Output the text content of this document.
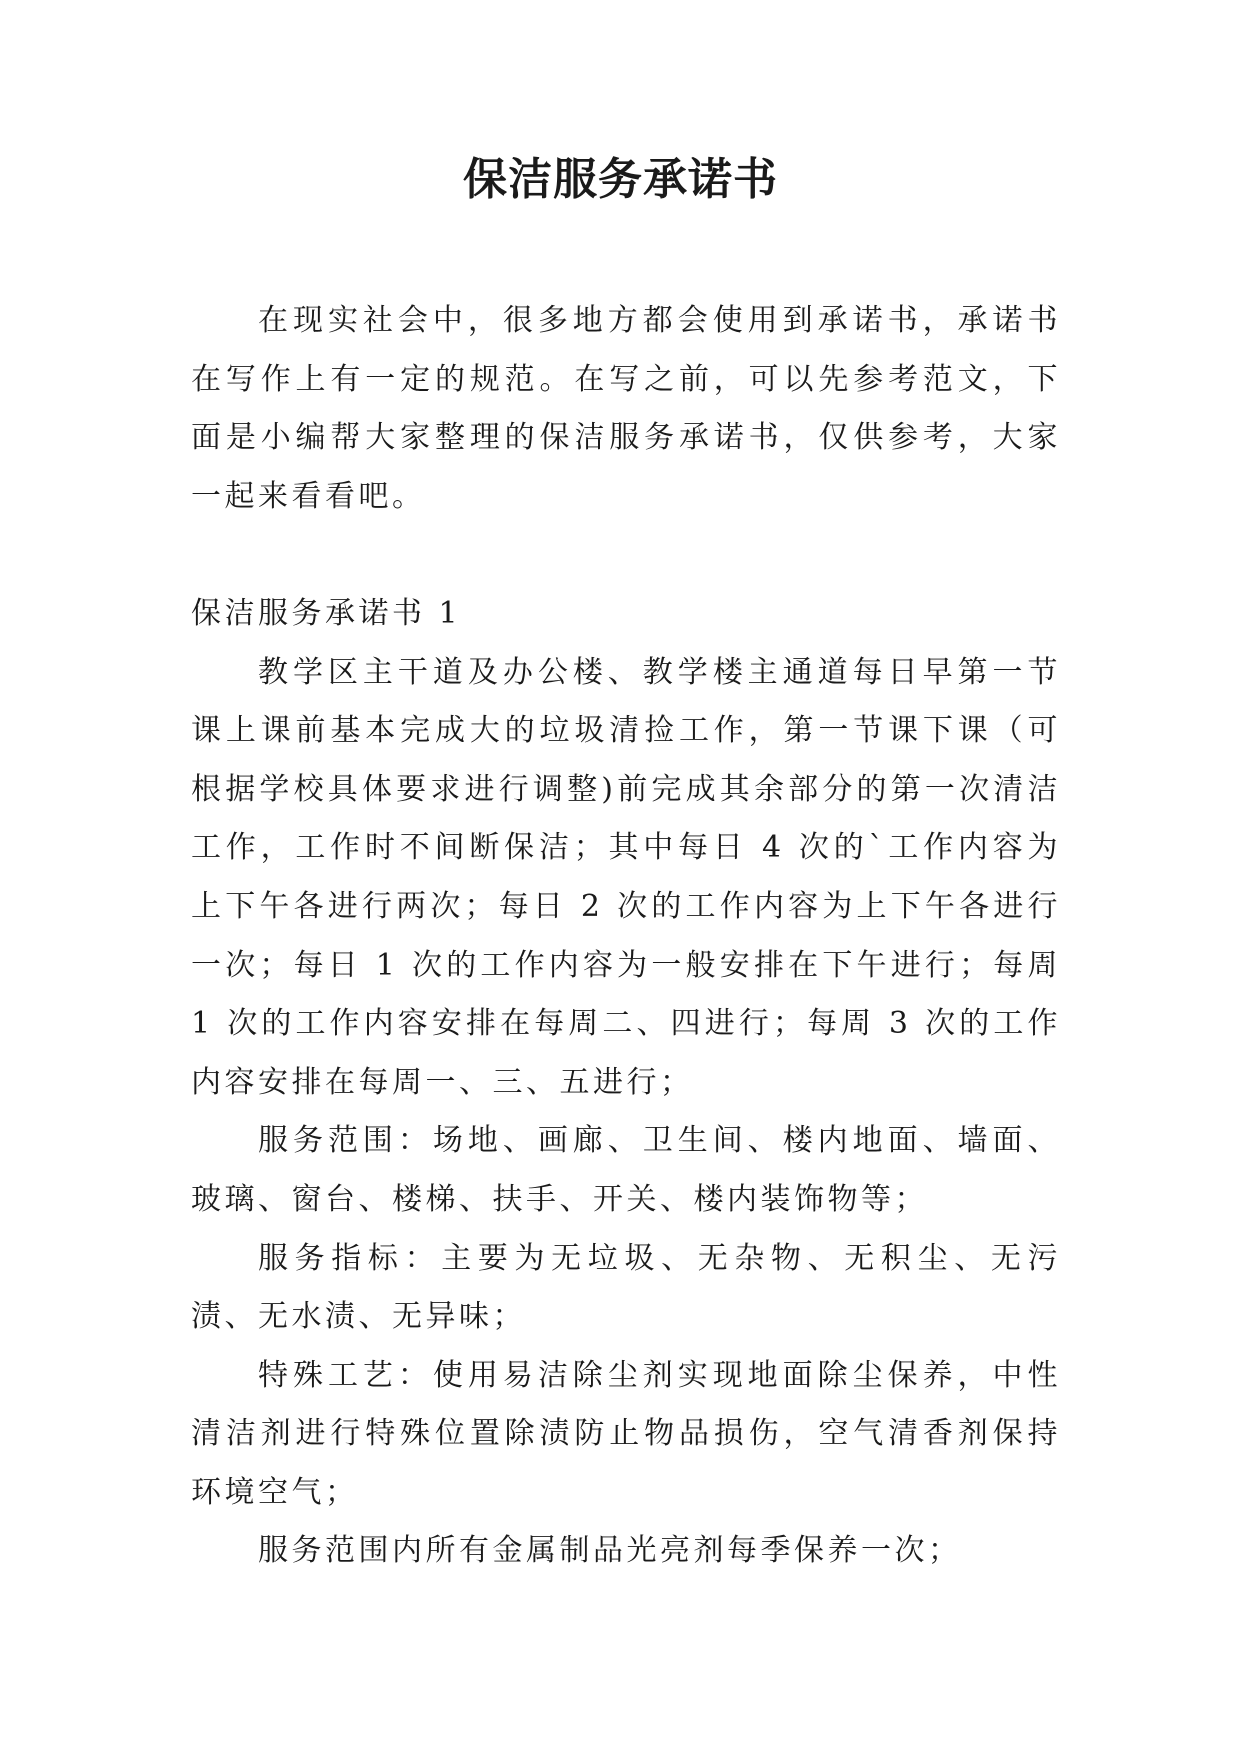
保洁服务承诺书

在现实社会中，很多地方都会使用到承诺书，承诺书在写作上有一定的规范。在写之前，可以先参考范文，下面是小编帮大家整理的保洁服务承诺书，仅供参考，大家一起来看看吧。

保洁服务承诺书 1

教学区主干道及办公楼、教学楼主通道每日早第一节课上课前基本完成大的垃圾清捡工作，第一节课下课（可根据学校具体要求进行调整)前完成其余部分的第一次清洁工作，工作时不间断保洁；其中每日 4 次的`工作内容为上下午各进行两次；每日 2 次的工作内容为上下午各进行一次；每日 1 次的工作内容为一般安排在下午进行；每周 1 次的工作内容安排在每周二、四进行；每周 3 次的工作内容安排在每周一、三、五进行；

服务范围：场地、画廊、卫生间、楼内地面、墙面、玻璃、窗台、楼梯、扶手、开关、楼内装饰物等；

服务指标：主要为无垃圾、无杂物、无积尘、无污渍、无水渍、无异味；

特殊工艺：使用易洁除尘剂实现地面除尘保养，中性清洁剂进行特殊位置除渍防止物品损伤，空气清香剂保持环境空气；

服务范围内所有金属制品光亮剂每季保养一次；
